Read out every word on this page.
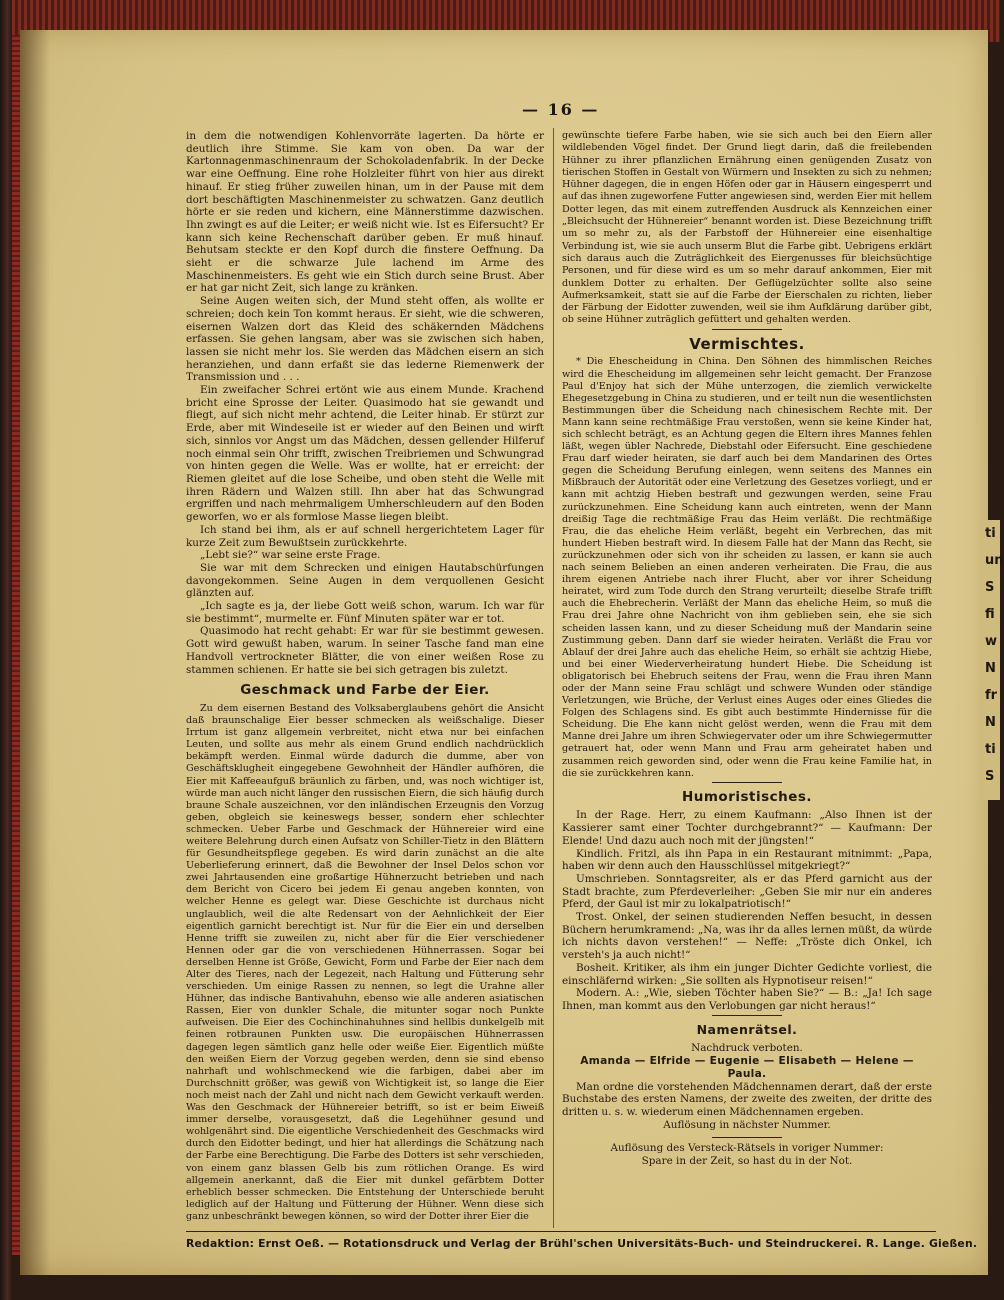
ti
un
S
fi
w
N
fr
N
ti
S
— 16 —

in dem die notwendigen Kohlenvorräte lagerten. Da hörte er deutlich ihre Stimme. Sie kam von oben. Da war der Kartonnagenmaschinenraum der Schokoladenfabrik. In der Decke war eine Oeffnung. Eine rohe Holzleiter führt von hier aus direkt hinauf. Er stieg früher zuweilen hinan, um in der Pause mit dem dort beschäftigten Maschinenmeister zu schwatzen. Ganz deutlich hörte er sie reden und kichern, eine Männerstimme dazwischen. Ihn zwingt es auf die Leiter; er weiß nicht wie. Ist es Eifersucht? Er kann sich keine Rechenschaft darüber geben. Er muß hinauf. Behutsam steckte er den Kopf durch die finstere Oeffnung. Da sieht er die schwarze Jule lachend im Arme des Maschinenmeisters. Es geht wie ein Stich durch seine Brust. Aber er hat gar nicht Zeit, sich lange zu kränken.

Seine Augen weiten sich, der Mund steht offen, als wollte er schreien; doch kein Ton kommt heraus. Er sieht, wie die schweren, eisernen Walzen dort das Kleid des schäkernden Mädchens erfassen. Sie gehen langsam, aber was sie zwischen sich haben, lassen sie nicht mehr los. Sie werden das Mädchen eisern an sich heranziehen, und dann erfaßt sie das lederne Riemenwerk der Transmission und . . .

Ein zweifacher Schrei ertönt wie aus einem Munde. Krachend bricht eine Sprosse der Leiter. Quasimodo hat sie gewandt und fliegt, auf sich nicht mehr achtend, die Leiter hinab. Er stürzt zur Erde, aber mit Windeseile ist er wieder auf den Beinen und wirft sich, sinnlos vor Angst um das Mädchen, dessen gellender Hilferuf noch einmal sein Ohr trifft, zwischen Treibriemen und Schwungrad von hinten gegen die Welle. Was er wollte, hat er erreicht: der Riemen gleitet auf die lose Scheibe, und oben steht die Welle mit ihren Rädern und Walzen still. Ihn aber hat das Schwungrad ergriffen und nach mehrmaligem Umherschleudern auf den Boden geworfen, wo er als formlose Masse liegen bleibt.

Ich stand bei ihm, als er auf schnell hergerichtetem Lager für kurze Zeit zum Bewußtsein zurückkehrte.

„Lebt sie?“ war seine erste Frage.

Sie war mit dem Schrecken und einigen Hautabschürfungen davongekommen. Seine Augen in dem verquollenen Gesicht glänzten auf.

„Ich sagte es ja, der liebe Gott weiß schon, warum. Ich war für sie bestimmt“, murmelte er. Fünf Minuten später war er tot.

Quasimodo hat recht gehabt: Er war für sie bestimmt gewesen. Gott wird gewußt haben, warum. In seiner Tasche fand man eine Handvoll vertrockneter Blätter, die von einer weißen Rose zu stammen schienen. Er hatte sie bei sich getragen bis zuletzt.

Geschmack und Farbe der Eier.

Zu dem eisernen Bestand des Volksaberglaubens gehört die Ansicht daß braunschalige Eier besser schmecken als weißschalige. Dieser Irrtum ist ganz allgemein verbreitet, nicht etwa nur bei einfachen Leuten, und sollte aus mehr als einem Grund endlich nachdrücklich bekämpft werden. Einmal würde dadurch die dumme, aber von Geschäftsklugheit eingegebene Gewohnheit der Händler aufhören, die Eier mit Kaffeeaufguß bräunlich zu färben, und, was noch wichtiger ist, würde man auch nicht länger den russischen Eiern, die sich häufig durch braune Schale auszeichnen, vor den inländischen Erzeugnis den Vorzug geben, obgleich sie keineswegs besser, sondern eher schlechter schmecken. Ueber Farbe und Geschmack der Hühnereier wird eine weitere Belehrung durch einen Aufsatz von Schiller-Tietz in den Blättern für Gesundheitspflege gegeben. Es wird darin zunächst an die alte Ueberlieferung erinnert, daß die Bewohner der Insel Delos schon vor zwei Jahrtausenden eine großartige Hühnerzucht betrieben und nach dem Bericht von Cicero bei jedem Ei genau angeben konnten, von welcher Henne es gelegt war. Diese Geschichte ist durchaus nicht unglaublich, weil die alte Redensart von der Aehnlichkeit der Eier eigentlich garnicht berechtigt ist. Nur für die Eier ein und derselben Henne trifft sie zuweilen zu, nicht aber für die Eier verschiedener Hennen oder gar die von verschiedenen Hühnerrassen. Sogar bei derselben Henne ist Größe, Gewicht, Form und Farbe der Eier nach dem Alter des Tieres, nach der Legezeit, nach Haltung und Fütterung sehr verschieden. Um einige Rassen zu nennen, so legt die Urahne aller Hühner, das indische Bantivahuhn, ebenso wie alle anderen asiatischen Rassen, Eier von dunkler Schale, die mitunter sogar noch Punkte aufweisen. Die Eier des Cochinchinahuhnes sind hellbis dunkelgelb mit feinen rotbraunen Punkten usw. Die europäischen Hühnerrassen dagegen legen sämtlich ganz helle oder weiße Eier. Eigentlich müßte den weißen Eiern der Vorzug gegeben werden, denn sie sind ebenso nahrhaft und wohlschmeckend wie die farbigen, dabei aber im Durchschnitt größer, was gewiß von Wichtigkeit ist, so lange die Eier noch meist nach der Zahl und nicht nach dem Gewicht verkauft werden. Was den Geschmack der Hühnereier betrifft, so ist er beim Eiweiß immer derselbe, vorausgesetzt, daß die Legehühner gesund und wohlgenährt sind. Die eigentliche Verschiedenheit des Geschmacks wird durch den Eidotter bedingt, und hier hat allerdings die Schätzung nach der Farbe eine Berechtigung. Die Farbe des Dotters ist sehr verschieden, von einem ganz blassen Gelb bis zum rötlichen Orange. Es wird allgemein anerkannt, daß die Eier mit dunkel gefärbtem Dotter erheblich besser schmecken. Die Entstehung der Unterschiede beruht lediglich auf der Haltung und Fütterung der Hühner. Wenn diese sich ganz unbeschränkt bewegen können, so wird der Dotter ihrer Eier die

gewünschte tiefere Farbe haben, wie sie sich auch bei den Eiern aller wildlebenden Vögel findet. Der Grund liegt darin, daß die freilebenden Hühner zu ihrer pflanzlichen Ernährung einen genügenden Zusatz von tierischen Stoffen in Gestalt von Würmern und Insekten zu sich zu nehmen; Hühner dagegen, die in engen Höfen oder gar in Häusern eingesperrt und auf das ihnen zugeworfene Futter angewiesen sind, werden Eier mit hellem Dotter legen, das mit einem zutreffenden Ausdruck als Kennzeichen einer „Bleichsucht der Hühnereier“ benannt worden ist. Diese Bezeichnung trifft um so mehr zu, als der Farbstoff der Hühnereier eine eisenhaltige Verbindung ist, wie sie auch unserm Blut die Farbe gibt. Uebrigens erklärt sich daraus auch die Zuträglichkeit des Eiergenusses für bleichsüchtige Personen, und für diese wird es um so mehr darauf ankommen, Eier mit dunklem Dotter zu erhalten. Der Geflügelzüchter sollte also seine Aufmerksamkeit, statt sie auf die Farbe der Eierschalen zu richten, lieber der Färbung der Eidotter zuwenden, weil sie ihm Aufklärung darüber gibt, ob seine Hühner zuträglich gefüttert und gehalten werden.

Vermischtes.

* Die Ehescheidung in China. Den Söhnen des himmlischen Reiches wird die Ehescheidung im allgemeinen sehr leicht gemacht. Der Franzose Paul d'Enjoy hat sich der Mühe unterzogen, die ziemlich verwickelte Ehegesetzgebung in China zu studieren, und er teilt nun die wesentlichsten Bestimmungen über die Scheidung nach chinesischem Rechte mit. Der Mann kann seine rechtmäßige Frau verstoßen, wenn sie keine Kinder hat, sich schlecht beträgt, es an Achtung gegen die Eltern ihres Mannes fehlen läßt, wegen übler Nachrede, Diebstahl oder Eifersucht. Eine geschiedene Frau darf wieder heiraten, sie darf auch bei dem Mandarinen des Ortes gegen die Scheidung Berufung einlegen, wenn seitens des Mannes ein Mißbrauch der Autorität oder eine Verletzung des Gesetzes vorliegt, und er kann mit achtzig Hieben bestraft und gezwungen werden, seine Frau zurückzunehmen. Eine Scheidung kann auch eintreten, wenn der Mann dreißig Tage die rechtmäßige Frau das Heim verläßt. Die rechtmäßige Frau, die das eheliche Heim verläßt, begeht ein Verbrechen, das mit hundert Hieben bestraft wird. In diesem Falle hat der Mann das Recht, sie zurückzunehmen oder sich von ihr scheiden zu lassen, er kann sie auch nach seinem Belieben an einen anderen verheiraten. Die Frau, die aus ihrem eigenen Antriebe nach ihrer Flucht, aber vor ihrer Scheidung heiratet, wird zum Tode durch den Strang verurteilt; dieselbe Strafe trifft auch die Ehebrecherin. Verläßt der Mann das eheliche Heim, so muß die Frau drei Jahre ohne Nachricht von ihm geblieben sein, ehe sie sich scheiden lassen kann, und zu dieser Scheidung muß der Mandarin seine Zustimmung geben. Dann darf sie wieder heiraten. Verläßt die Frau vor Ablauf der drei Jahre auch das eheliche Heim, so erhält sie achtzig Hiebe, und bei einer Wiederverheiratung hundert Hiebe. Die Scheidung ist obligatorisch bei Ehebruch seitens der Frau, wenn die Frau ihren Mann oder der Mann seine Frau schlägt und schwere Wunden oder ständige Verletzungen, wie Brüche, der Verlust eines Auges oder eines Gliedes die Folgen des Schlagens sind. Es gibt auch bestimmte Hindernisse für die Scheidung. Die Ehe kann nicht gelöst werden, wenn die Frau mit dem Manne drei Jahre um ihren Schwiegervater oder um ihre Schwiegermutter getrauert hat, oder wenn Mann und Frau arm geheiratet haben und zusammen reich geworden sind, oder wenn die Frau keine Familie hat, in die sie zurückkehren kann.

Humoristisches.

In der Rage. Herr, zu einem Kaufmann: „Also Ihnen ist der Kassierer samt einer Tochter durchgebrannt?“ — Kaufmann: Der Elende! Und dazu auch noch mit der jüngsten!“

Kindlich. Fritzl, als ihn Papa in ein Restaurant mitnimmt: „Papa, haben wir denn auch den Hausschlüssel mitgekriegt?“

Umschrieben. Sonntagsreiter, als er das Pferd garnicht aus der Stadt brachte, zum Pferdeverleiher: „Geben Sie mir nur ein anderes Pferd, der Gaul ist mir zu lokalpatriotisch!“

Trost. Onkel, der seinen studierenden Neffen besucht, in dessen Büchern herumkramend: „Na, was ihr da alles lernen müßt, da würde ich nichts davon verstehen!“ — Neffe: „Tröste dich Onkel, ich versteh's ja auch nicht!“

Bosheit. Kritiker, als ihm ein junger Dichter Gedichte vorliest, die einschläfernd wirken: „Sie sollten als Hypnotiseur reisen!“

Modern. A.: „Wie, sieben Töchter haben Sie?“ — B.: „Ja! Ich sage Ihnen, man kommt aus den Verlobungen gar nicht heraus!“

Namenrätsel.

Nachdruck verboten.

Amanda — Elfride — Eugenie — Elisabeth — Helene — Paula.

Man ordne die vorstehenden Mädchennamen derart, daß der erste Buchstabe des ersten Namens, der zweite des zweiten, der dritte des dritten u. s. w. wiederum einen Mädchennamen ergeben.

Auflösung in nächster Nummer.

Auflösung des Versteck-Rätsels in voriger Nummer:

Spare in der Zeit, so hast du in der Not.

Redaktion: Ernst Oeß. — Rotationsdruck und Verlag der Brühl'schen Universitäts-Buch- und Steindruckerei. R. Lange. Gießen.
